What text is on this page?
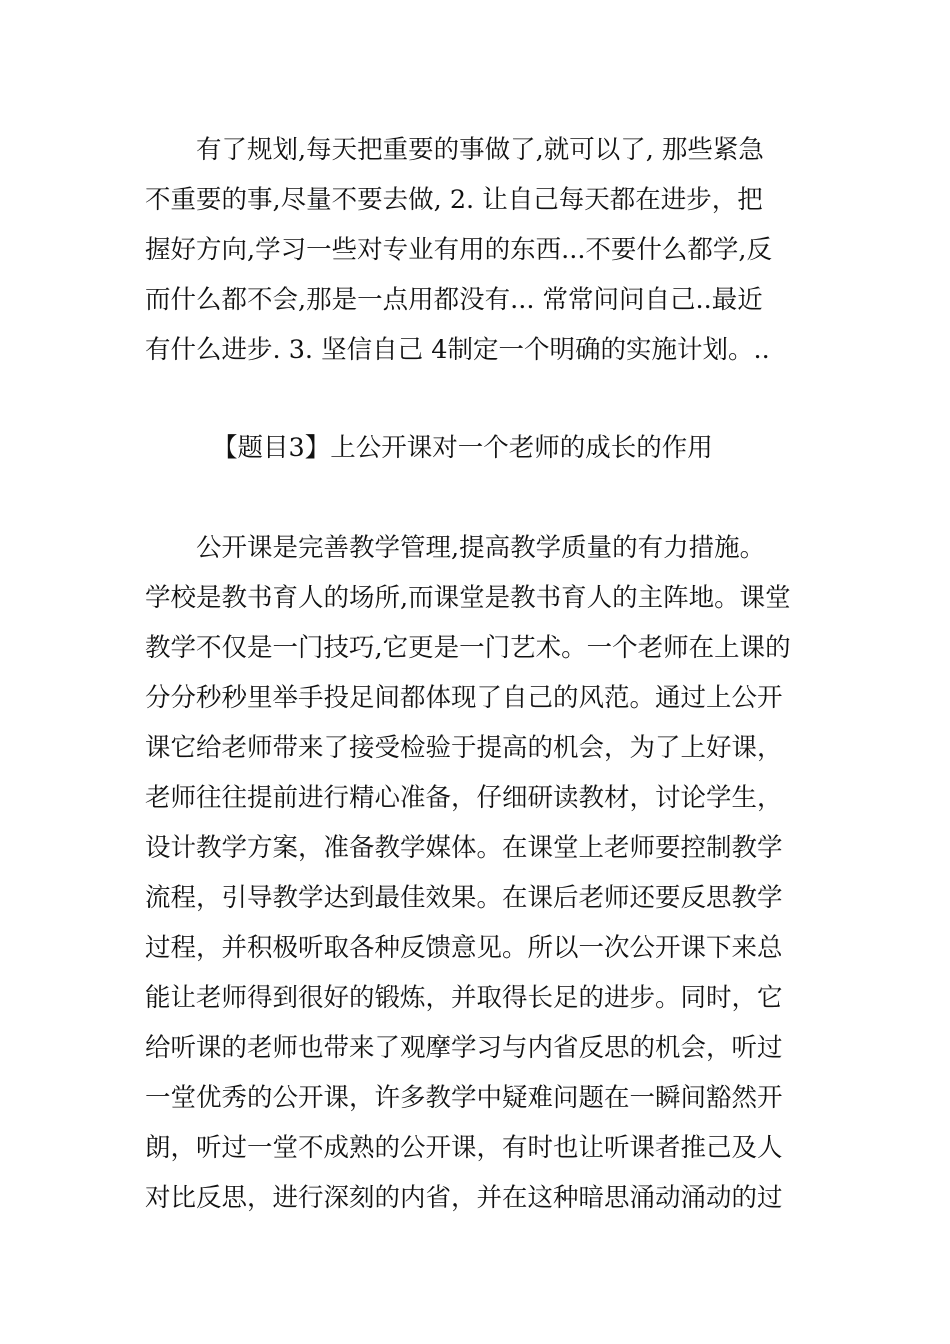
　　有了规划,每天把重要的事做了,就可以了, 那些紧急
不重要的事,尽量不要去做, 2. 让自己每天都在进步，把
握好方向,学习一些对专业有用的东西...不要什么都学,反
而什么都不会,那是一点用都没有... 常常问问自己..最近
有什么进步. 3. 坚信自己 4制定一个明确的实施计划。..
【题目3】上公开课对一个老师的成长的作用
　　公开课是完善教学管理,提高教学质量的有力措施。
学校是教书育人的场所,而课堂是教书育人的主阵地。课堂
教学不仅是一门技巧,它更是一门艺术。一个老师在上课的
分分秒秒里举手投足间都体现了自己的风范。通过上公开
课它给老师带来了接受检验于提高的机会，为了上好课，
老师往往提前进行精心准备，仔细研读教材，讨论学生，
设计教学方案，准备教学媒体。在课堂上老师要控制教学
流程，引导教学达到最佳效果。在课后老师还要反思教学
过程，并积极听取各种反馈意见。所以一次公开课下来总
能让老师得到很好的锻炼，并取得长足的进步。同时，它
给听课的老师也带来了观摩学习与内省反思的机会，听过
一堂优秀的公开课，许多教学中疑难问题在一瞬间豁然开
朗，听过一堂不成熟的公开课，有时也让听课者推己及人
对比反思，进行深刻的内省，并在这种暗思涌动涌动的过
